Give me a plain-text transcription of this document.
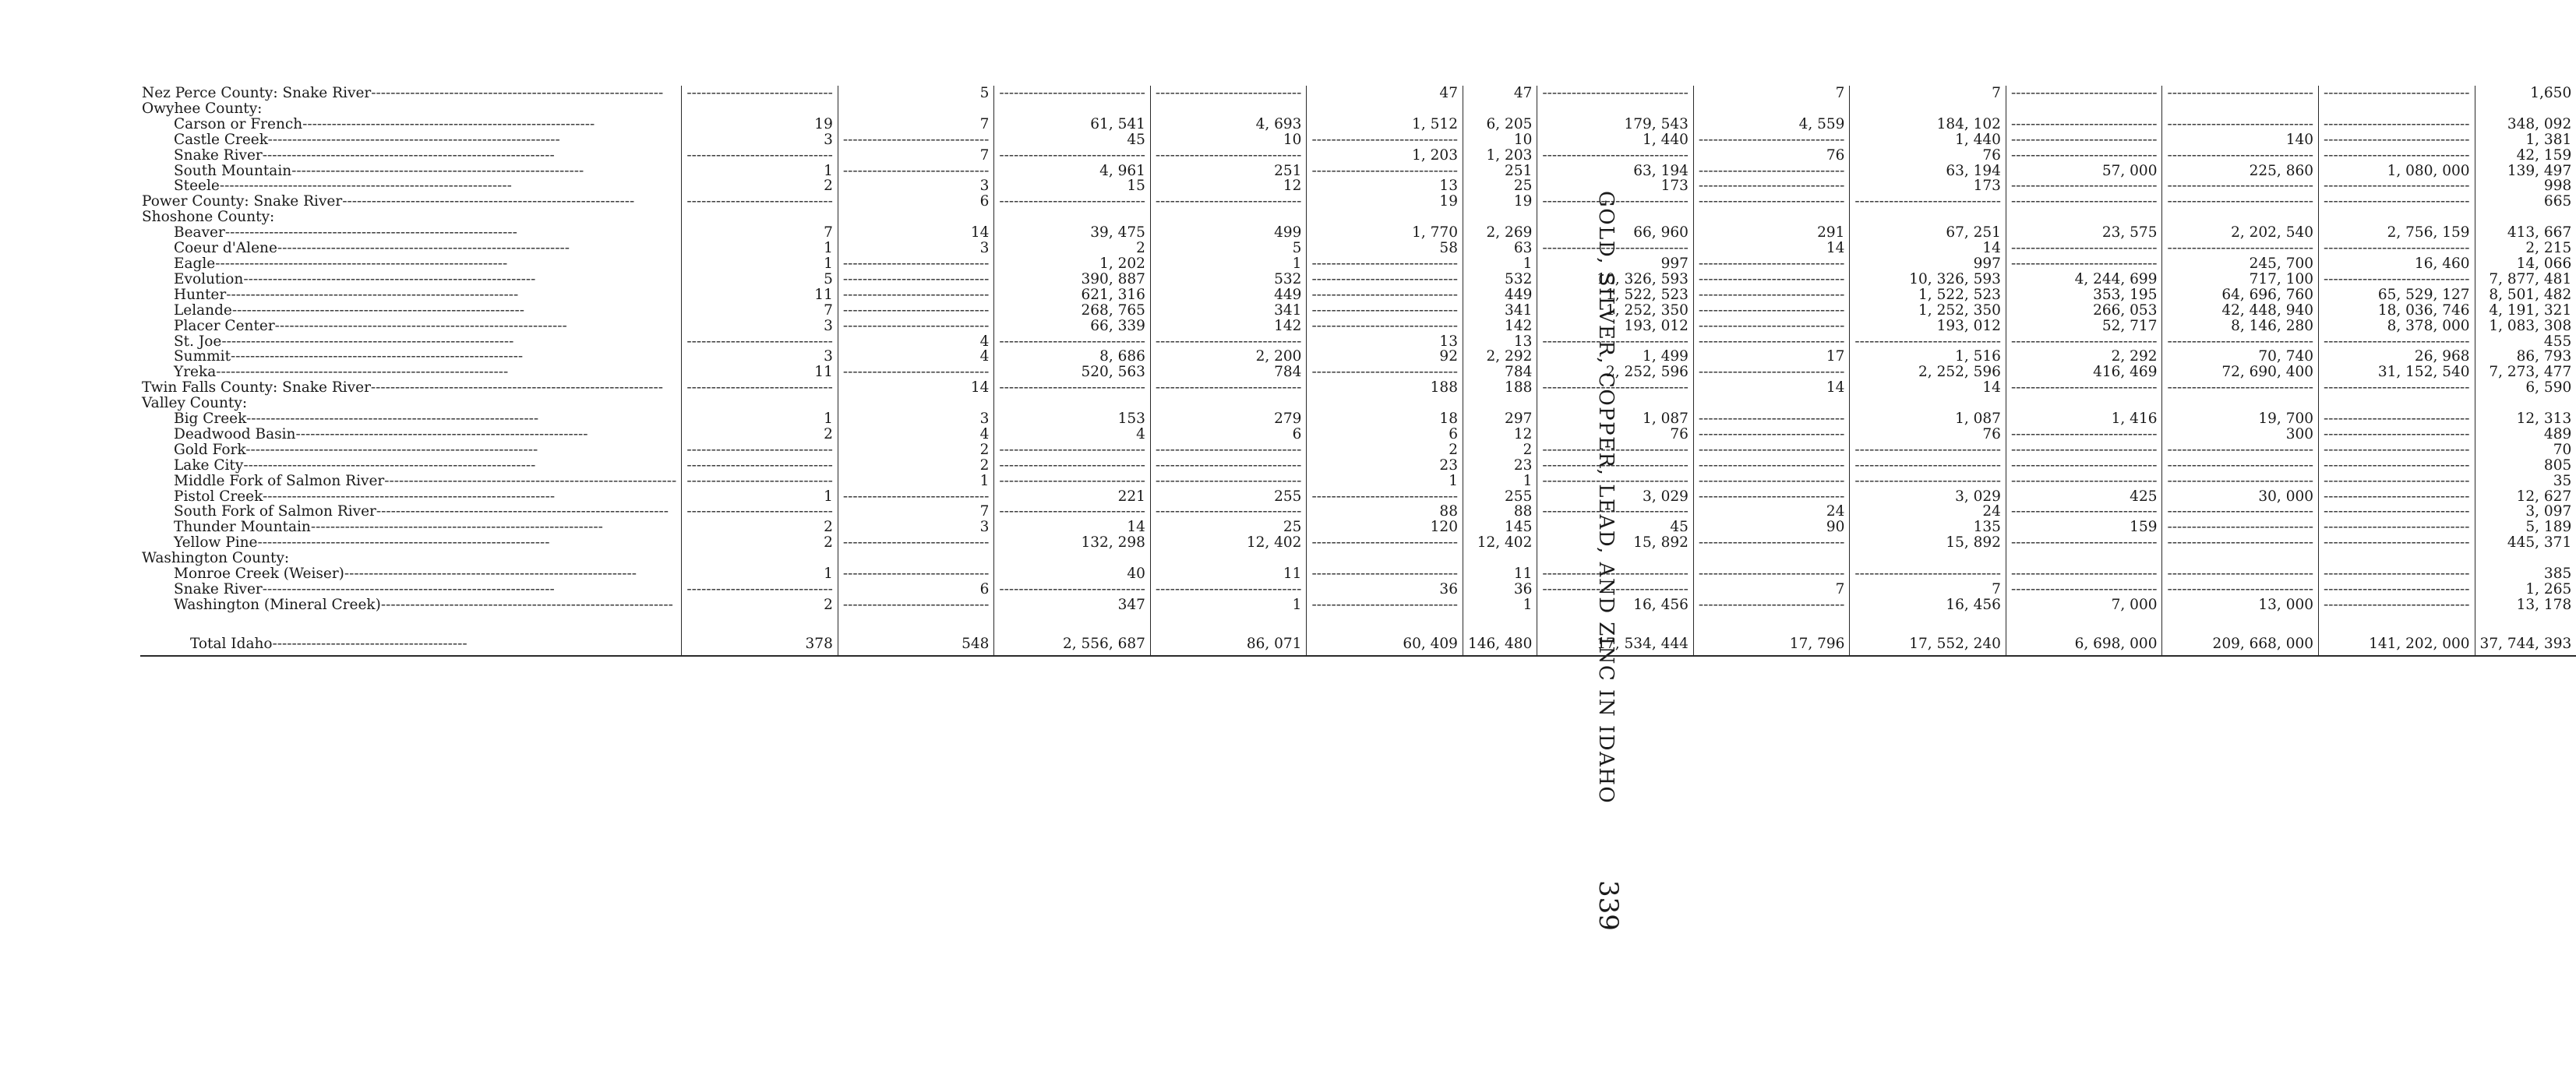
GOLD, SILVER, COPPER, LEAD, AND ZINC IN IDAHO
339
Nez Perce County: Snake River------------------------------------------------------------	------------------------------	5	------------------------------	------------------------------	47	47	------------------------------	7	7	------------------------------	------------------------------	------------------------------	1,650
Owyhee County:													
Carson or French------------------------------------------------------------	19	7	61, 541	4, 693	1, 512	6, 205	179, 543	4, 559	184, 102	------------------------------	------------------------------	------------------------------	348, 092
Castle Creek------------------------------------------------------------	3	------------------------------	45	10	------------------------------	10	1, 440	------------------------------	1, 440	------------------------------	140	------------------------------	1, 381
Snake River------------------------------------------------------------	------------------------------	7	------------------------------	------------------------------	1, 203	1, 203	------------------------------	76	76	------------------------------	------------------------------	------------------------------	42, 159
South Mountain------------------------------------------------------------	1	------------------------------	4, 961	251	------------------------------	251	63, 194	------------------------------	63, 194	57, 000	225, 860	1, 080, 000	139, 497
Steele------------------------------------------------------------	2	3	15	12	13	25	173	------------------------------	173	------------------------------	------------------------------	------------------------------	998
Power County: Snake River------------------------------------------------------------	------------------------------	6	------------------------------	------------------------------	19	19	------------------------------	------------------------------	------------------------------	------------------------------	------------------------------	------------------------------	665
Shoshone County:													
Beaver------------------------------------------------------------	7	14	39, 475	499	1, 770	2, 269	66, 960	291	67, 251	23, 575	2, 202, 540	2, 756, 159	413, 667
Coeur d'Alene------------------------------------------------------------	1	3	2	5	58	63	------------------------------	14	14	------------------------------	------------------------------	------------------------------	2, 215
Eagle------------------------------------------------------------	1	------------------------------	1, 202	1	------------------------------	1	997	------------------------------	997	------------------------------	245, 700	16, 460	14, 066
Evolution------------------------------------------------------------	5	------------------------------	390, 887	532	------------------------------	532	10, 326, 593	------------------------------	10, 326, 593	4, 244, 699	717, 100	------------------------------	7, 877, 481
Hunter------------------------------------------------------------	11	------------------------------	621, 316	449	------------------------------	449	1, 522, 523	------------------------------	1, 522, 523	353, 195	64, 696, 760	65, 529, 127	8, 501, 482
Lelande------------------------------------------------------------	7	------------------------------	268, 765	341	------------------------------	341	1, 252, 350	------------------------------	1, 252, 350	266, 053	42, 448, 940	18, 036, 746	4, 191, 321
Placer Center------------------------------------------------------------	3	------------------------------	66, 339	142	------------------------------	142	193, 012	------------------------------	193, 012	52, 717	8, 146, 280	8, 378, 000	1, 083, 308
St. Joe------------------------------------------------------------	------------------------------	4	------------------------------	------------------------------	13	13	------------------------------	------------------------------	------------------------------	------------------------------	------------------------------	------------------------------	455
Summit------------------------------------------------------------	3	4	8, 686	2, 200	92	2, 292	1, 499	17	1, 516	2, 292	70, 740	26, 968	86, 793
Yreka------------------------------------------------------------	11	------------------------------	520, 563	784	------------------------------	784	2, 252, 596	------------------------------	2, 252, 596	416, 469	72, 690, 400	31, 152, 540	7, 273, 477
Twin Falls County: Snake River------------------------------------------------------------	------------------------------	14	------------------------------	------------------------------	188	188	------------------------------	14	14	------------------------------	------------------------------	------------------------------	6, 590
Valley County:													
Big Creek------------------------------------------------------------	1	3	153	279	18	297	1, 087	------------------------------	1, 087	1, 416	19, 700	------------------------------	12, 313
Deadwood Basin------------------------------------------------------------	2	4	4	6	6	12	76	------------------------------	76	------------------------------	300	------------------------------	489
Gold Fork------------------------------------------------------------	------------------------------	2	------------------------------	------------------------------	2	2	------------------------------	------------------------------	------------------------------	------------------------------	------------------------------	------------------------------	70
Lake City------------------------------------------------------------	------------------------------	2	------------------------------	------------------------------	23	23	------------------------------	------------------------------	------------------------------	------------------------------	------------------------------	------------------------------	805
Middle Fork of Salmon River------------------------------------------------------------	------------------------------	1	------------------------------	------------------------------	1	1	------------------------------	------------------------------	------------------------------	------------------------------	------------------------------	------------------------------	35
Pistol Creek------------------------------------------------------------	1	------------------------------	221	255	------------------------------	255	3, 029	------------------------------	3, 029	425	30, 000	------------------------------	12, 627
South Fork of Salmon River------------------------------------------------------------	------------------------------	7	------------------------------	------------------------------	88	88	------------------------------	24	24	------------------------------	------------------------------	------------------------------	3, 097
Thunder Mountain------------------------------------------------------------	2	3	14	25	120	145	45	90	135	159	------------------------------	------------------------------	5, 189
Yellow Pine------------------------------------------------------------	2	------------------------------	132, 298	12, 402	------------------------------	12, 402	15, 892	------------------------------	15, 892	------------------------------	------------------------------	------------------------------	445, 371
Washington County:													
Monroe Creek (Weiser)------------------------------------------------------------	1	------------------------------	40	11	------------------------------	11	------------------------------	------------------------------	------------------------------	------------------------------	------------------------------	------------------------------	385
Snake River------------------------------------------------------------	------------------------------	6	------------------------------	------------------------------	36	36	------------------------------	7	7	------------------------------	------------------------------	------------------------------	1, 265
Washington (Mineral Creek)------------------------------------------------------------	2	------------------------------	347	1	------------------------------	1	16, 456	------------------------------	16, 456	7, 000	13, 000	------------------------------	13, 178

Total Idaho----------------------------------------	378	548	2, 556, 687	86, 071	60, 409	146, 480	17, 534, 444	17, 796	17, 552, 240	6, 698, 000	209, 668, 000	141, 202, 000	37, 744, 393
